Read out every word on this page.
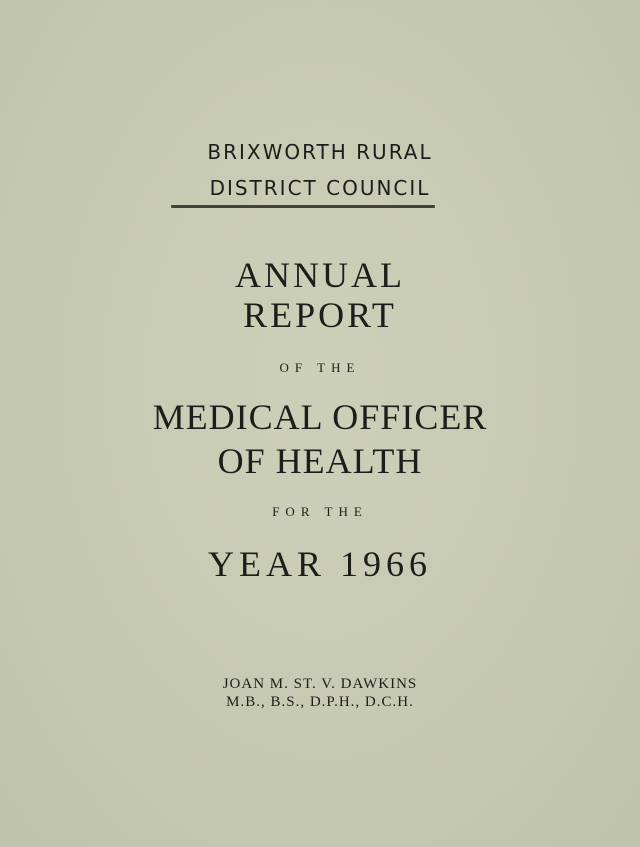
BRIXWORTH RURAL
DISTRICT COUNCIL
ANNUAL
REPORT
OF THE
MEDICAL OFFICER
OF HEALTH
FOR THE
YEAR 1966
JOAN M. ST. V. DAWKINS
M.B., B.S., D.P.H., D.C.H.
